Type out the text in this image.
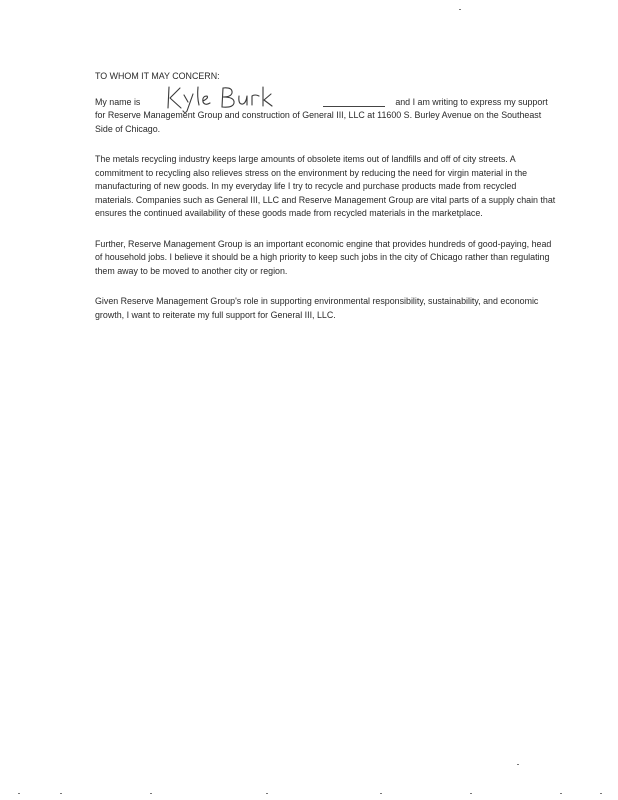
TO WHOM IT MAY CONCERN:

My name is	and I am writing to express my support for Reserve Management Group and construction of General III, LLC at 11600 S. Burley Avenue on the Southeast Side of Chicago.

The metals recycling industry keeps large amounts of obsolete items out of landfills and off of city streets. A commitment to recycling also relieves stress on the environment by reducing the need for virgin material in the manufacturing of new goods. In my everyday life I try to recycle and purchase products made from recycled materials. Companies such as General III, LLC and Reserve Management Group are vital parts of a supply chain that ensures the continued availability of these goods made from recycled materials in the marketplace.

Further, Reserve Management Group is an important economic engine that provides hundreds of good-paying, head of household jobs. I believe it should be a high priority to keep such jobs in the city of Chicago rather than regulating them away to be moved to another city or region.

Given Reserve Management Group's role in supporting environmental responsibility, sustainability, and economic growth, I want to reiterate my full support for General III, LLC.
